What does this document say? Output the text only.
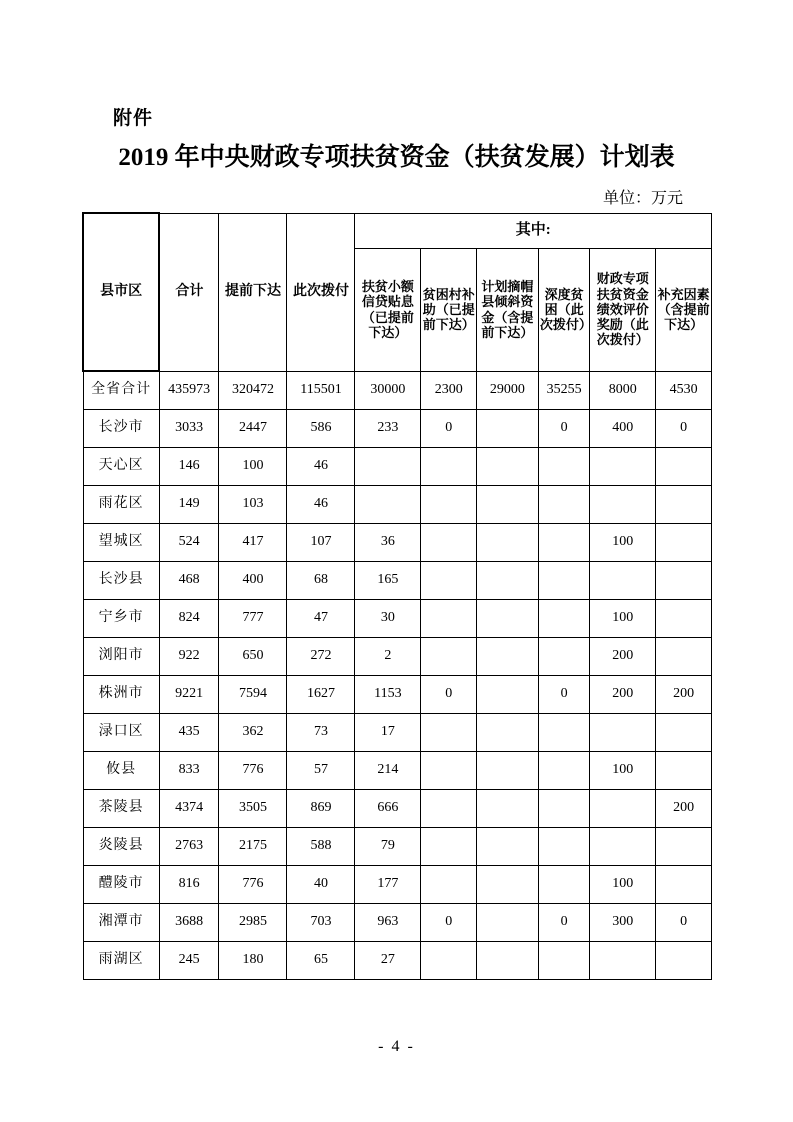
附件
2019 年中央财政专项扶贫资金（扶贫发展）计划表
单位：万元
县市区	合计	提前下达	此次拨付	其中:					
				扶贫小额信贷贴息（已提前下达）	贫困村补助（已提前下达）	计划摘帽县倾斜资金（含提前下达）	深度贫困（此次拨付）	财政专项扶贫资金绩效评价奖励（此次拨付）	补充因素（含提前下达）
全省合计	435973	320472	115501	30000	2300	29000	35255	8000	4530
长沙市	3033	2447	586	233	0		0	400	0
天心区	146	100	46						
雨花区	149	103	46						
望城区	524	417	107	36				100	
长沙县	468	400	68	165					
宁乡市	824	777	47	30				100	
浏阳市	922	650	272	2				200	
株洲市	9221	7594	1627	1153	0		0	200	200
渌口区	435	362	73	17					
攸县	833	776	57	214				100	
茶陵县	4374	3505	869	666					200
炎陵县	2763	2175	588	79					
醴陵市	816	776	40	177				100	
湘潭市	3688	2985	703	963	0		0	300	0
雨湖区	245	180	65	27					
- 4 -
